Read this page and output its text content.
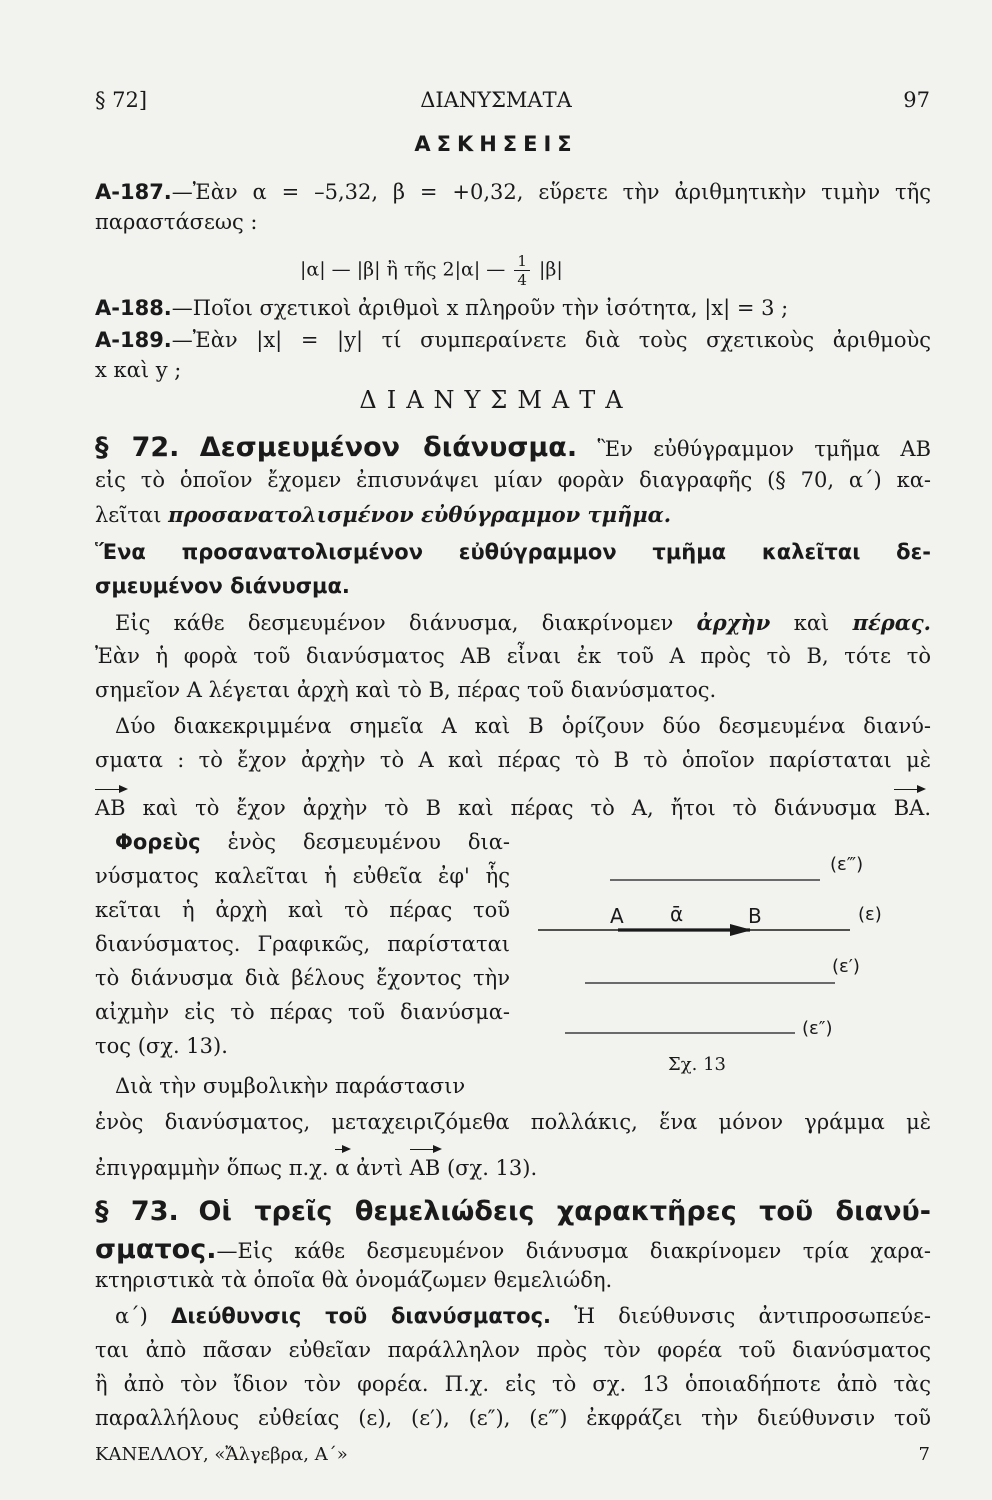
§ 72]	ΔΙΑΝΥΣΜΑΤΑ	97
ΑΣΚΗΣΕΙΣ
Α-187.—Ἐὰν α = –5,32, β = +0,32, εὕρετε τὴν ἀριθμητικὴν τιμὴν τῆς
παραστάσεως :
|α| — |β| ἢ τῆς 2|α| — $\frac{1}{4} |\beta|$
Α-188.—Ποῖοι σχετικοὶ ἀριθμοὶ x πληροῦν τὴν ἰσότητα, |x| = 3 ;
Α-189.—Ἐὰν |x| = |y| τί συμπεραίνετε διὰ τοὺς σχετικοὺς ἀριθμοὺς
x καὶ y ;
ΔΙΑΝΥΣΜΑΤΑ
§ 72. Δεσμευμένον διάνυσμα. Ἓν εὐθύγραμμον τμῆμα ΑΒ
εἰς τὸ ὁποῖον ἔχομεν ἐπισυνάψει μίαν φορὰν διαγραφῆς (§ 70, α΄) κα-
λεῖται προσανατολισμένον εὐθύγραμμον τμῆμα.
Ἕνα προσανατολισμένον εὐθύγραμμον τμῆμα καλεῖται δε-
σμευμένον διάνυσμα.
Εἰς κάθε δεσμευμένον διάνυσμα, διακρίνομεν ἀρχὴν καὶ πέρας.
Ἐὰν ἡ φορὰ τοῦ διανύσματος ΑΒ εἶναι ἐκ τοῦ Α πρὸς τὸ Β, τότε τὸ
σημεῖον Α λέγεται ἀρχὴ καὶ τὸ Β, πέρας τοῦ διανύσματος.
Δύο διακεκριμμένα σημεῖα Α καὶ Β ὁρίζουν δύο δεσμευμένα διανύ-
σματα : τὸ ἔχον ἀρχὴν τὸ Α καὶ πέρας τὸ Β τὸ ὁποῖον παρίσταται μὲ
ΑΒ καὶ τὸ ἔχον ἀρχὴν τὸ Β καὶ πέρας τὸ Α, ἤτοι τὸ διάνυσμα ΒΑ.
Φορεὺς ἑνὸς δεσμευμένου δια-
νύσματος καλεῖται ἡ εὐθεῖα ἐφ' ἧς
κεῖται ἡ ἀρχὴ καὶ τὸ πέρας τοῦ
διανύσματος. Γραφικῶς, παρίσταται
τὸ διάνυσμα διὰ βέλους ἔχοντος τὴν
αἰχμὴν εἰς τὸ πέρας τοῦ διανύσμα-
τος (σχ. 13).
(ε‴)
Α ᾱ	Β	(ε)
(ε′)
(ε″)
Σχ. 13
Διὰ τὴν συμβολικὴν παράστασιν
ἑνὸς διανύσματος, μεταχειριζόμεθα πολλάκις, ἕνα μόνον γράμμα μὲ
ἐπιγραμμὴν ὅπως π.χ. α ἀντὶ ΑΒ (σχ. 13).
§ 73. Οἱ τρεῖς θεμελιώδεις χαρακτῆρες τοῦ διανύ-
σματος.—Εἰς κάθε δεσμευμένον διάνυσμα διακρίνομεν τρία χαρα-
κτηριστικὰ τὰ ὁποῖα θὰ ὀνομάζωμεν θεμελιώδη.
α΄) Διεύθυνσις τοῦ διανύσματος. Ἡ διεύθυνσις ἀντιπροσωπεύε-
ται ἀπὸ πᾶσαν εὐθεῖαν παράλληλον πρὸς τὸν φορέα τοῦ διανύσματος
ἢ ἀπὸ τὸν ἴδιον τὸν φορέα. Π.χ. εἰς τὸ σχ. 13 ὁποιαδήποτε ἀπὸ τὰς
παραλλήλους εὐθείας (ε), (ε′), (ε″), (ε‴) ἐκφράζει τὴν διεύθυνσιν τοῦ
ΚΑΝΕΛΛΟΥ, «Ἄλγεβρα, Α΄»	7
